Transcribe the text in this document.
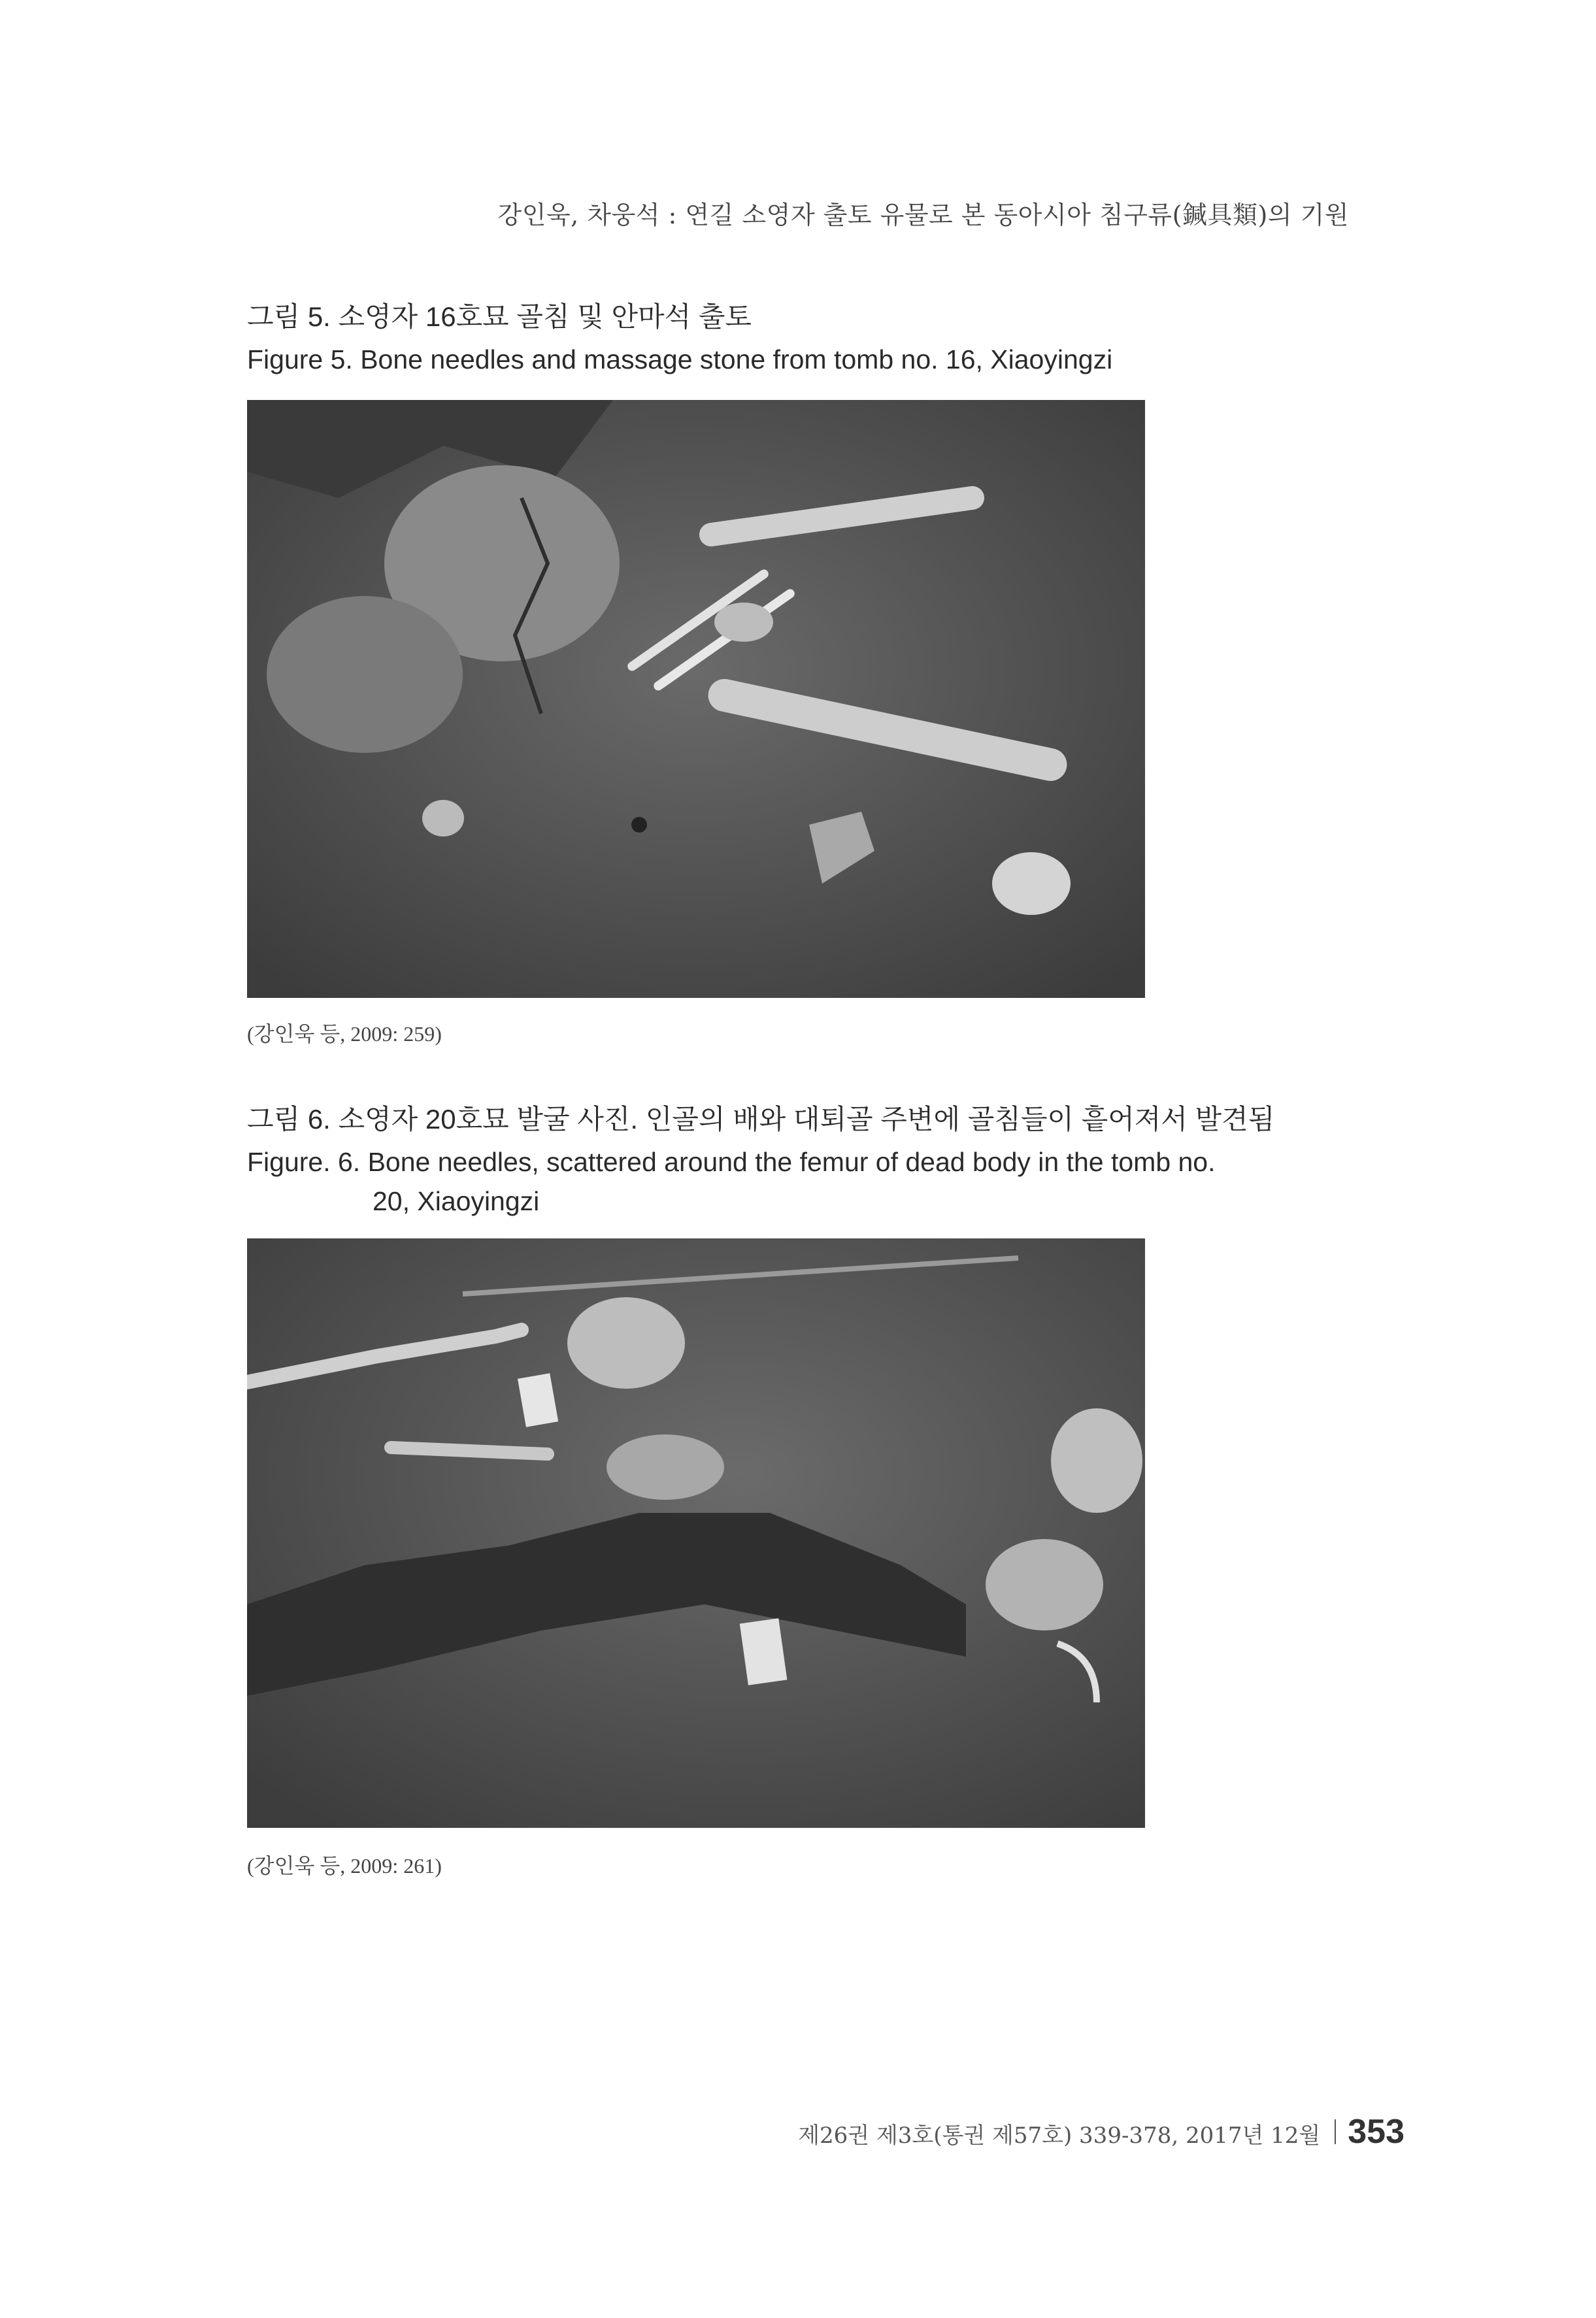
강인욱, 차웅석 : 연길 소영자 출토 유물로 본 동아시아 침구류(鍼具類)의 기원
그림 5. 소영자 16호묘 골침 및 안마석 출토
Figure 5. Bone needles and massage stone from tomb no. 16, Xiaoyingzi
(강인욱 등, 2009: 259)
그림 6. 소영자 20호묘 발굴 사진. 인골의 배와 대퇴골 주변에 골침들이 흩어져서 발견됨
Figure. 6. Bone needles, scattered around the femur of dead body in the tomb no.
20, Xiaoyingzi
(강인욱 등, 2009: 261)
제26권 제3호(통권 제57호) 339-378, 2017년 12월 353
